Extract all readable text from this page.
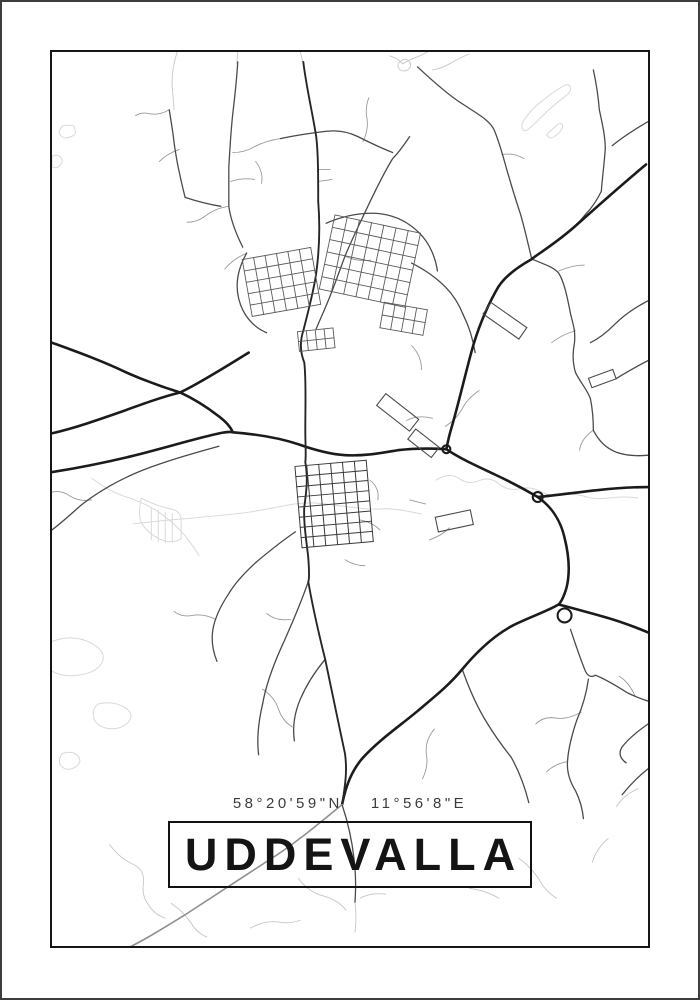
58°20'59"N 11°56'8"E
UDDEVALLA
